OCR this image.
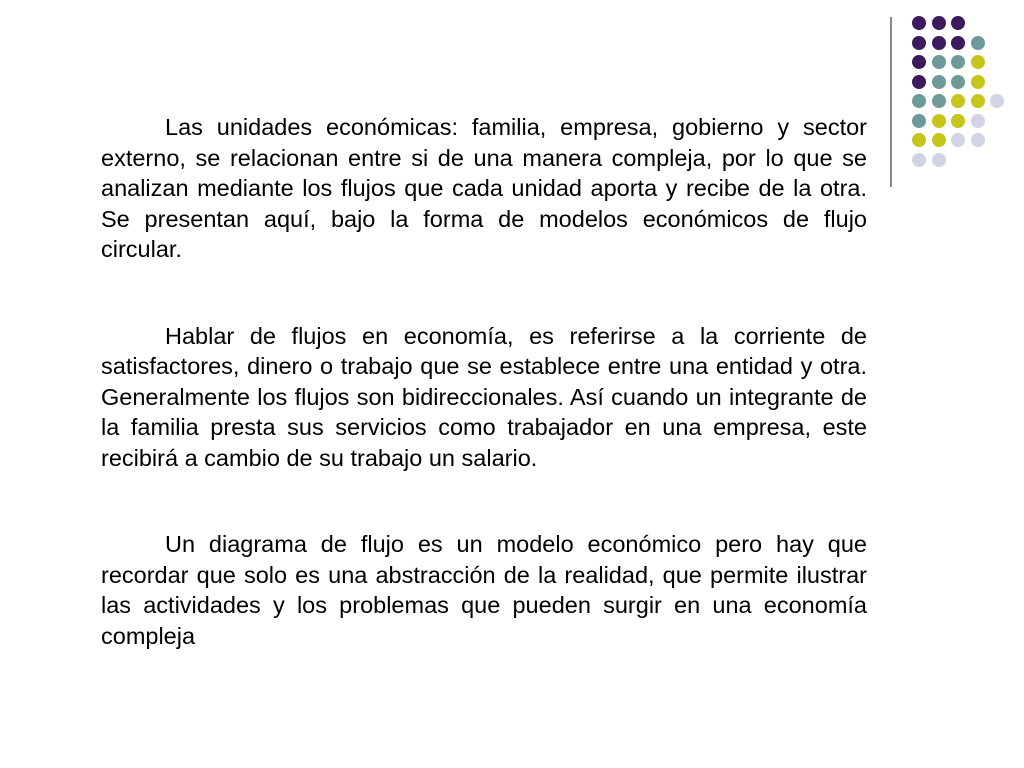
Las unidades económicas: familia, empresa, gobierno y sector externo, se relacionan entre si de una manera compleja, por lo que se analizan mediante los flujos que cada unidad aporta y recibe de la otra. Se presentan aquí, bajo la forma de modelos económicos de flujo circular.

Hablar de flujos en economía, es referirse a la corriente de satisfactores, dinero o trabajo que se establece entre una entidad y otra. Generalmente los flujos son bidireccionales. Así cuando un integrante de la familia presta sus servicios como trabajador en una empresa, este recibirá a cambio de su trabajo un salario.

Un diagrama de flujo es un modelo económico pero hay que recordar que solo es una abstracción de la realidad, que permite ilustrar las actividades y los problemas que pueden surgir en una economía compleja
